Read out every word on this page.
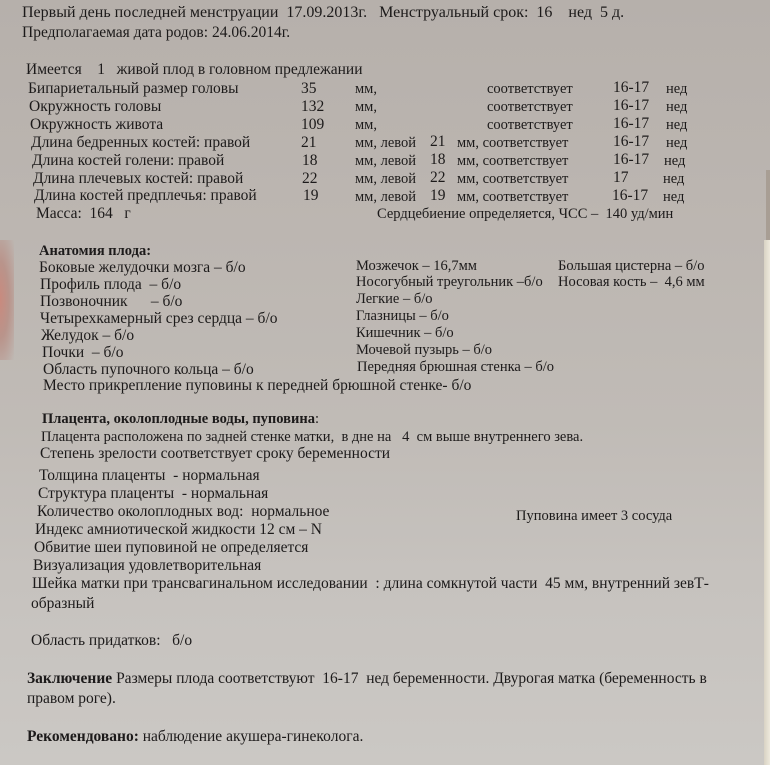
Первый день последней менструации 17.09.2013г. Менструальный срок: 16 нед 5 д.
Предполагаемая дата родов: 24.06.2014г.
Имеется 1 живой плод в головном предлежании
Бипариетальный размер головы	35	мм,	соответствует	16-17 нед
Окружность головы	132 мм,	соответствует	16-17 нед
Окружность живота	109 мм,	соответствует	16-17 нед
Длина бедренных костей: правой	21	мм, левой 21 мм, соответствует	16-17 нед
Длина костей голени: правой	18	мм, левой 18 мм, соответствует	16-17 нед
Длина плечевых костей: правой	22	мм, левой 22 мм, соответствует	17 нед
Длина костей предплечья: правой	19	мм, левой 19 мм, соответствует	16-17 нед
Масса: 164 г	Сердцебиение определяется, ЧСС –  140 уд/мин
Анатомия плода:
Боковые желудочки мозга – б/о
Профиль плода  – б/о
Позвоночник      – б/о
Четырехкамерный срез сердца – б/о
Желудок – б/о
Почки  – б/о
Область пупочного кольца – б/о
Мозжечок – 16,7мм
Носогубный треугольник –б/о
Легкие – б/о
Глазницы – б/о
Кишечник – б/о
Мочевой пузырь – б/о
Передняя брюшная стенка – б/о
Большая цистерна – б/о
Носовая кость –  4,6 мм
Место прикрепление пуповины к передней брюшной стенке- б/о
Плацента, околоплодные воды, пуповина:
Плацента расположена по задней стенке матки,  в дне на   4  см выше внутреннего зева.
Степень зрелости соответствует сроку беременности
Толщина плаценты  - нормальная
Структура плаценты  - нормальная
Количество околоплодных вод:  нормальное
Индекс амниотической жидкости 12 см – N
Обвитие шеи пуповиной не определяется
Визуализация удовлетворительная
Шейка матки при трансвагинальном исследовании  : длина сомкнутой части  45 мм, внутренний зевТ-
образный
Пуповина имеет 3 сосуда
Область придатков: б/о
Заключение Размеры плода соответствуют  16-17  нед беременности. Двурогая матка (беременность в
правом роге).
Рекомендовано: наблюдение акушера-гинеколога.
